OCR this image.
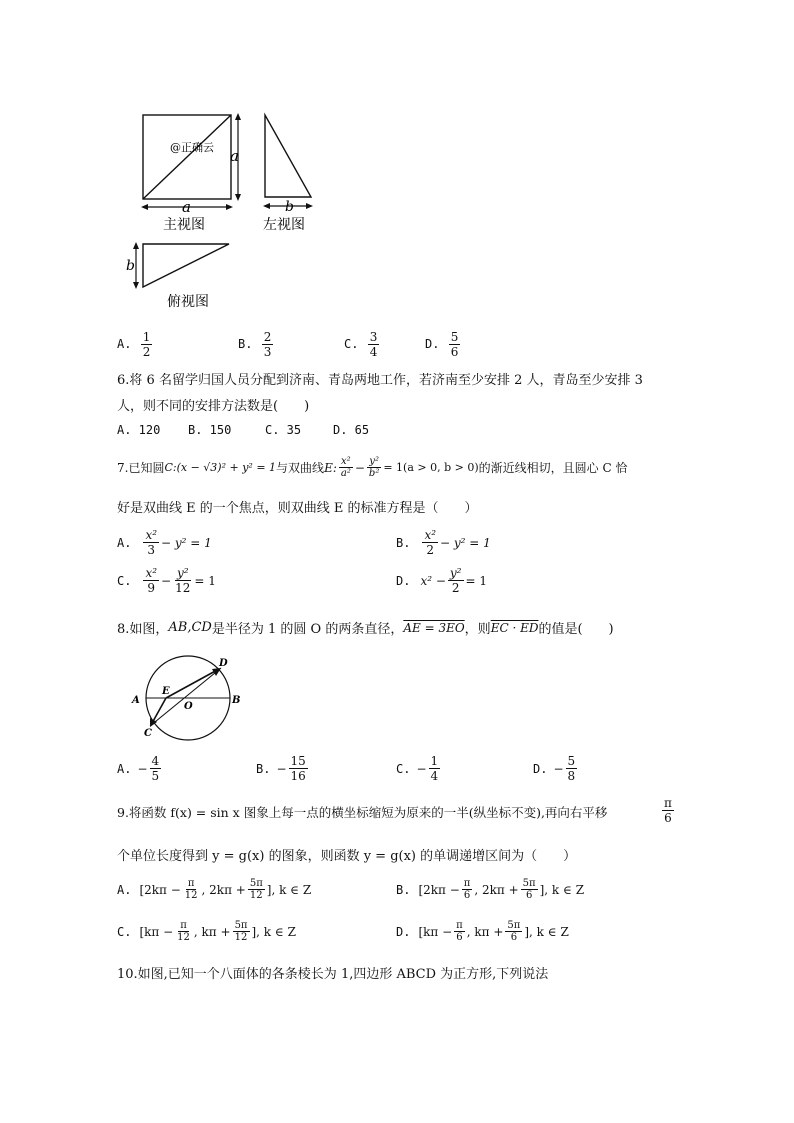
a
a
@正确云
主视图
b
左视图
b
俯视图
A. $\frac{1}{2}$	B. $\frac{2}{3}$	C. $\frac{3}{4}$	D. $\frac{5}{6}$
6.将 6 名留学归国人员分配到济南、青岛两地工作，若济南至少安排 2 人，青岛至少安排 3
人，则不同的安排方法数是(　　)
A. 120 B. 150	C. 35	D. 65
7.已知圆 C:(x − √3)² + y² = 1 与双曲线 E: $\frac{\text{x²}}{\text{a²}} - \frac{\text{y²}}{\text{b²}} = 1(a > 0$, b > 0) 的渐近线相切，且圆心 C 恰
好是双曲线 E 的一个焦点，则双曲线 E 的标准方程是（　　）
A. $\frac{\text{x²}}{3} - y^2 = 1$	B. $\frac{\text{x²}}{2} - y^2 = 1$
C. $\frac{\text{x²}}{9} - \frac{\text{y²}}{12} = 1$	D. $x^2 - \frac{\text{y²}}{2} = 1$
8.如图， AB,CD 是半径为 1 的圆 O 的两条直径， AE = 3EO ，则 EC · ED 的值是(　　)
A	B
C
D
E
O
A. − $\frac{4}{5}$	B. − $\frac{15}{16}$	C. − $\frac{1}{4}$	D. − $\frac{5}{8}$
9.将函数 f(x) = sin x 图象上每一点的横坐标缩短为原来的一半(纵坐标不变),再向右平移	$\frac{\pi}{6}$
个单位长度得到 y = g(x) 的图象，则函数 y = g(x) 的单调递增区间为（　　）
A. [$2k\pi - \frac{\pi}{12}$ , $2k\pi + \frac{5\pi}{12}$ ], k ∈ Z	B. [$2k\pi - \frac{\pi}{6}$ , $2k\pi + \frac{5\pi}{6}$ ], k ∈ Z
C. [$k\pi - \frac{\pi}{12}$ , $k\pi + \frac{5\pi}{12}$ ], k ∈ Z	D. [$k\pi - \frac{\pi}{6}$ , $k\pi + \frac{5\pi}{6}$ ], k ∈ Z
10.如图,已知一个八面体的各条棱长为 1,四边形 ABCD 为正方形,下列说法
